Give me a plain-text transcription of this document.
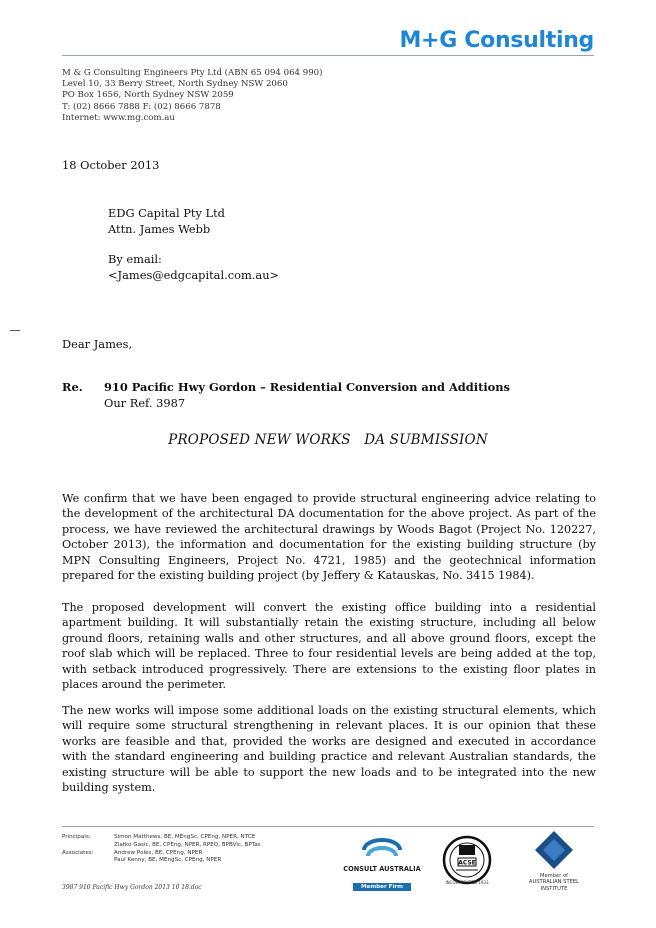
M+G Consulting
M & G Consulting Engineers Pty Ltd (ABN 65 094 064 990)
Level 10, 33 Berry Street, North Sydney NSW 2060
PO Box 1656, North Sydney NSW 2059
T: (02) 8666 7888 F: (02) 8666 7878
Internet: www.mg.com.au
18 October 2013
EDG Capital Pty Ltd
Attn. James Webb
By email:
<James@edgcapital.com.au>
Dear James,
Re. 910 Pacific Hwy Gordon – Residential Conversion and Additions
Our Ref. 3987
PROPOSED NEW WORKS   DA SUBMISSION
We confirm that we have been engaged to provide structural engineering advice relating to the development of the architectural DA documentation for the above project. As part of the process, we have reviewed the architectural drawings by Woods Bagot (Project No. 120227, October 2013), the information and documentation for the existing building structure (by MPN Consulting Engineers, Project No. 4721, 1985) and the geotechnical information prepared for the existing building project (by Jeffery & Katauskas, No. 3415 1984).
The proposed development will convert the existing office building into a residential apartment building. It will substantially retain the existing structure, including all below ground floors, retaining walls and other structures, and all above ground floors, except the roof slab which will be replaced. Three to four residential levels are being added at the top, with setback introduced progressively. There are extensions to the existing floor plates in places around the perimeter.
The new works will impose some additional loads on the existing structural elements, which will require some structural strengthening in relevant places. It is our opinion that these works are feasible and that, provided the works are designed and executed in accordance with the standard engineering and building practice and relevant Australian standards, the existing structure will be able to support the new loads and to be integrated into the new building system.
Principals:	Simon Matthews, BE, MEngSc, CPEng, NPER, NTCE
Zlatko Gasic, BE, CPEng, NPER, RPEQ, BPBVic, BPTas
Associates:	Andrew Poles, BE, CPEng, NPER
Paul Kenny, BE, MEngSc, CPEng, NPER
3987 910 Pacific Hwy Gordon 2013 10 18.doc
CONSULT AUSTRALIA
Member Firm
ACSE
INCORPORATED 1933
Member of
AUSTRALIAN STEEL INSTITUTE
